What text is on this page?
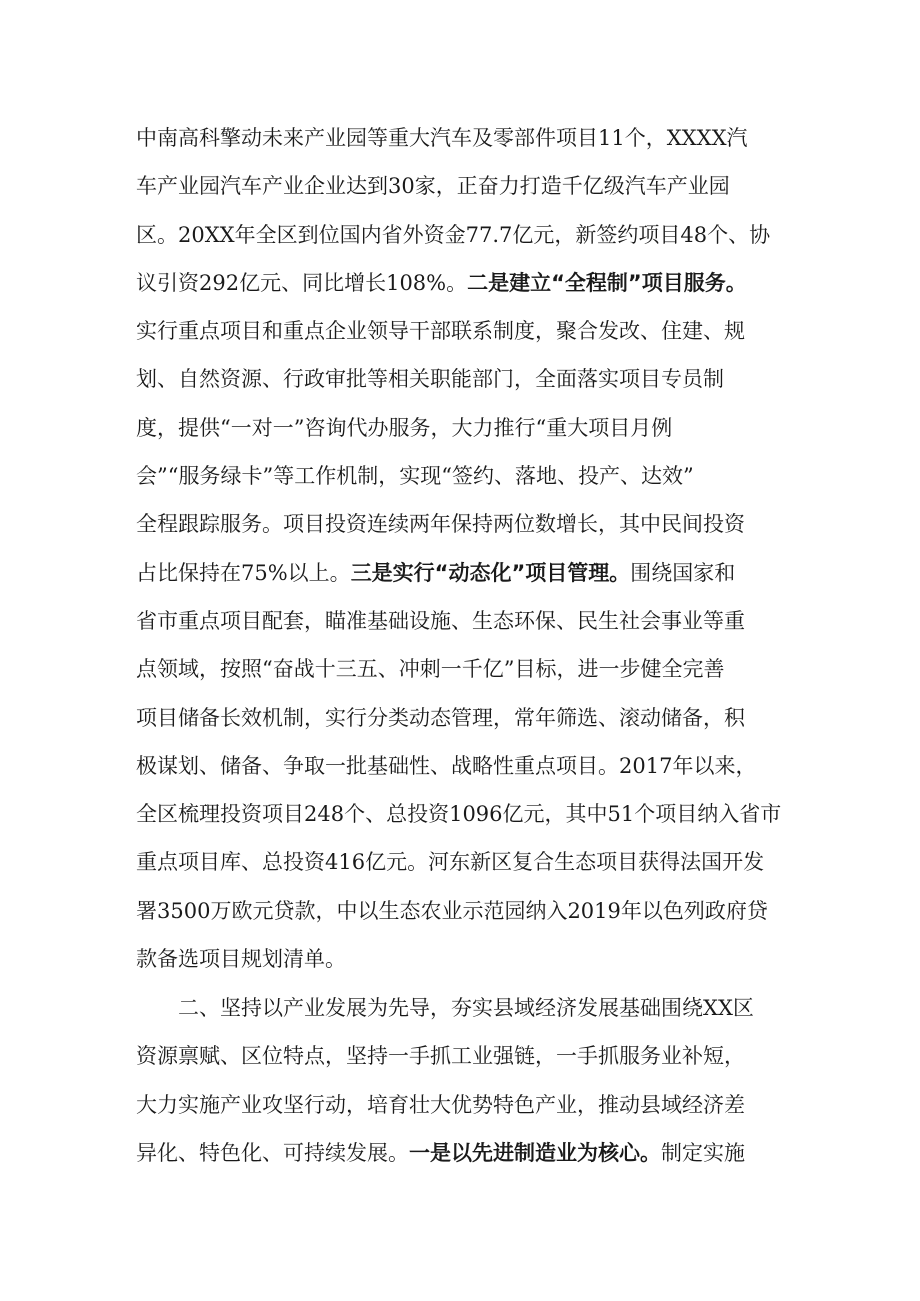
中南高科擎动未来产业园等重大汽车及零部件项目11个，XXXX汽
车产业园汽车产业企业达到30家，正奋力打造千亿级汽车产业园
区。20XX年全区到位国内省外资金77.7亿元，新签约项目48个、协
议引资292亿元、同比增长108%。二是建立“全程制”项目服务。
实行重点项目和重点企业领导干部联系制度，聚合发改、住建、规
划、自然资源、行政审批等相关职能部门，全面落实项目专员制
度，提供“一对一”咨询代办服务，大力推行“重大项目月例
会”“服务绿卡”等工作机制，实现“签约、落地、投产、达效”
全程跟踪服务。项目投资连续两年保持两位数增长，其中民间投资
占比保持在75%以上。三是实行“动态化”项目管理。围绕国家和
省市重点项目配套，瞄准基础设施、生态环保、民生社会事业等重
点领域，按照“奋战十三五、冲刺一千亿”目标，进一步健全完善
项目储备长效机制，实行分类动态管理，常年筛选、滚动储备，积
极谋划、储备、争取一批基础性、战略性重点项目。2017年以来，
全区梳理投资项目248个、总投资1096亿元，其中51个项目纳入省市
重点项目库、总投资416亿元。河东新区复合生态项目获得法国开发
署3500万欧元贷款，中以生态农业示范园纳入2019年以色列政府贷
款备选项目规划清单。
二、坚持以产业发展为先导，夯实县域经济发展基础围绕XX区
资源禀赋、区位特点，坚持一手抓工业强链，一手抓服务业补短，
大力实施产业攻坚行动，培育壮大优势特色产业，推动县域经济差
异化、特色化、可持续发展。一是以先进制造业为核心。制定实施
